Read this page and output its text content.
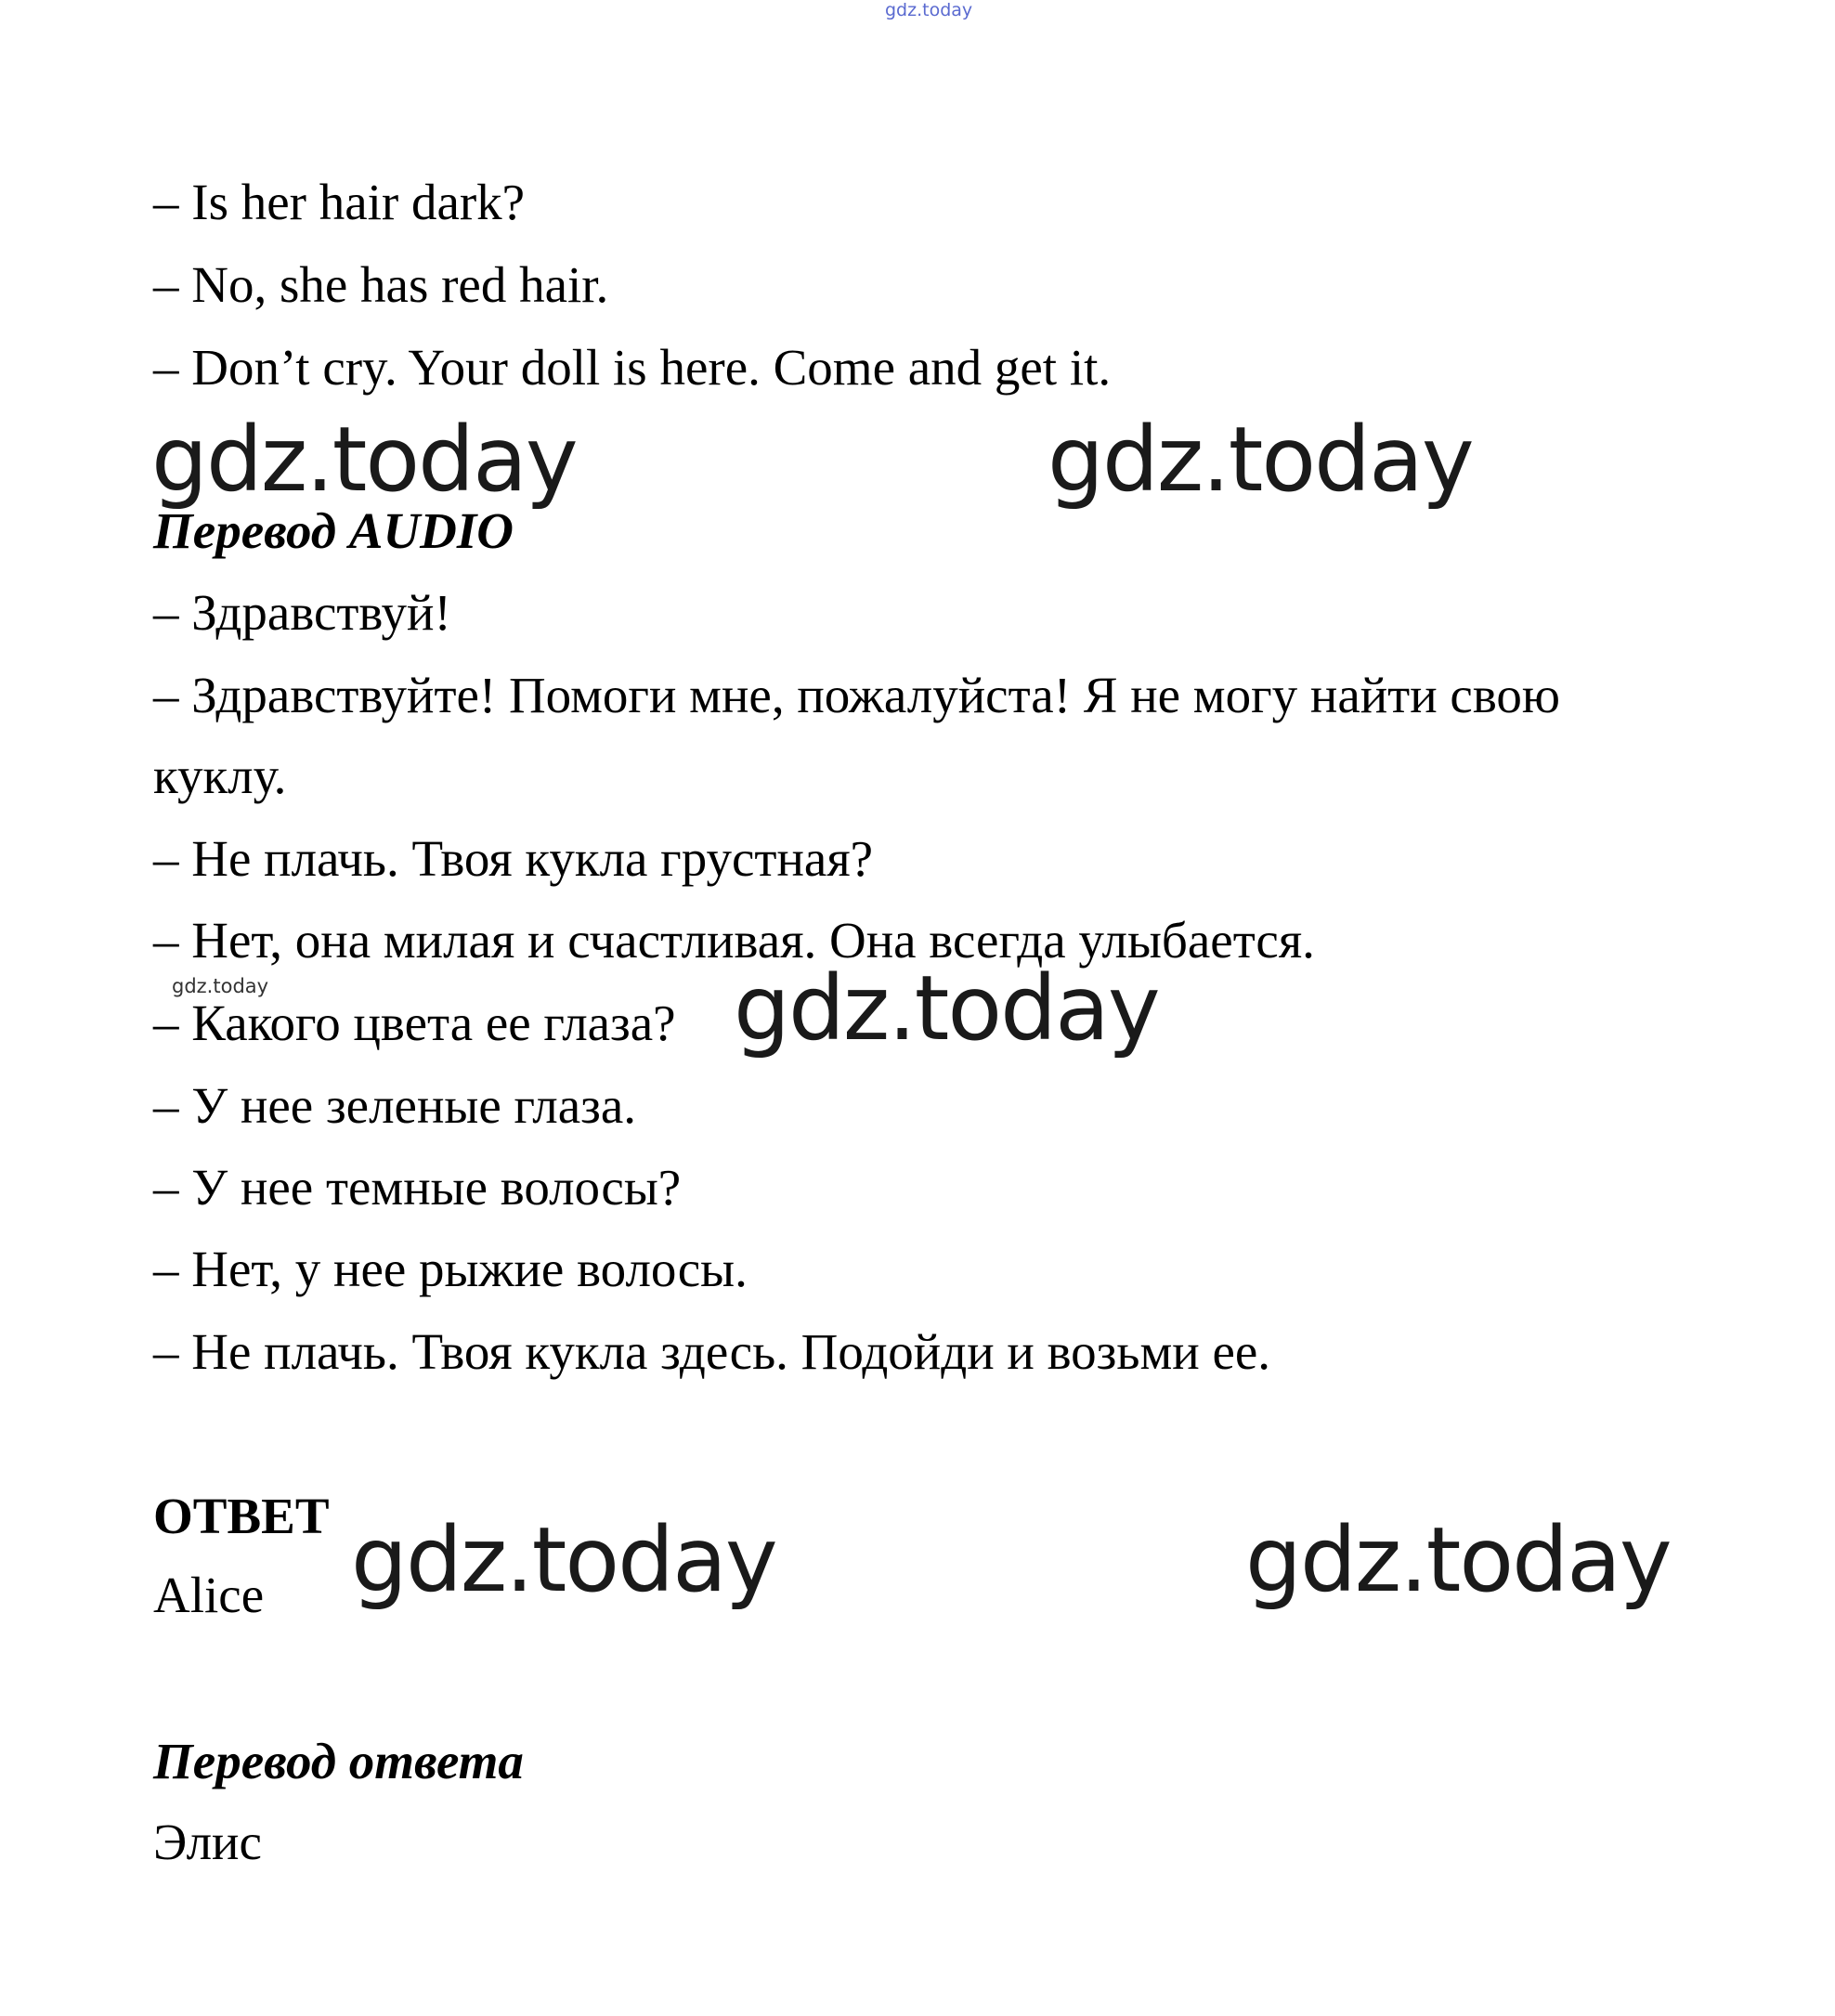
gdz.today
– Is her hair dark?
– No, she has red hair.
– Don’t cry. Your doll is here. Come and get it.
gdz.today	gdz.today
Перевод AUDIO
– Здравствуй!
– Здравствуйте! Помоги мне, пожалуйста! Я не могу найти свою
куклу.
– Не плачь. Твоя кукла грустная?
– Нет, она милая и счастливая. Она всегда улыбается.
gdz.today
– Какого цвета ее глаза? gdz.today
– У нее зеленые глаза.
– У нее темные волосы?
– Нет, у нее рыжие волосы.
– Не плачь. Твоя кукла здесь. Подойди и возьми ее.
ОТВЕТ
Alice gdz.today	gdz.today
Перевод ответа
Элис
